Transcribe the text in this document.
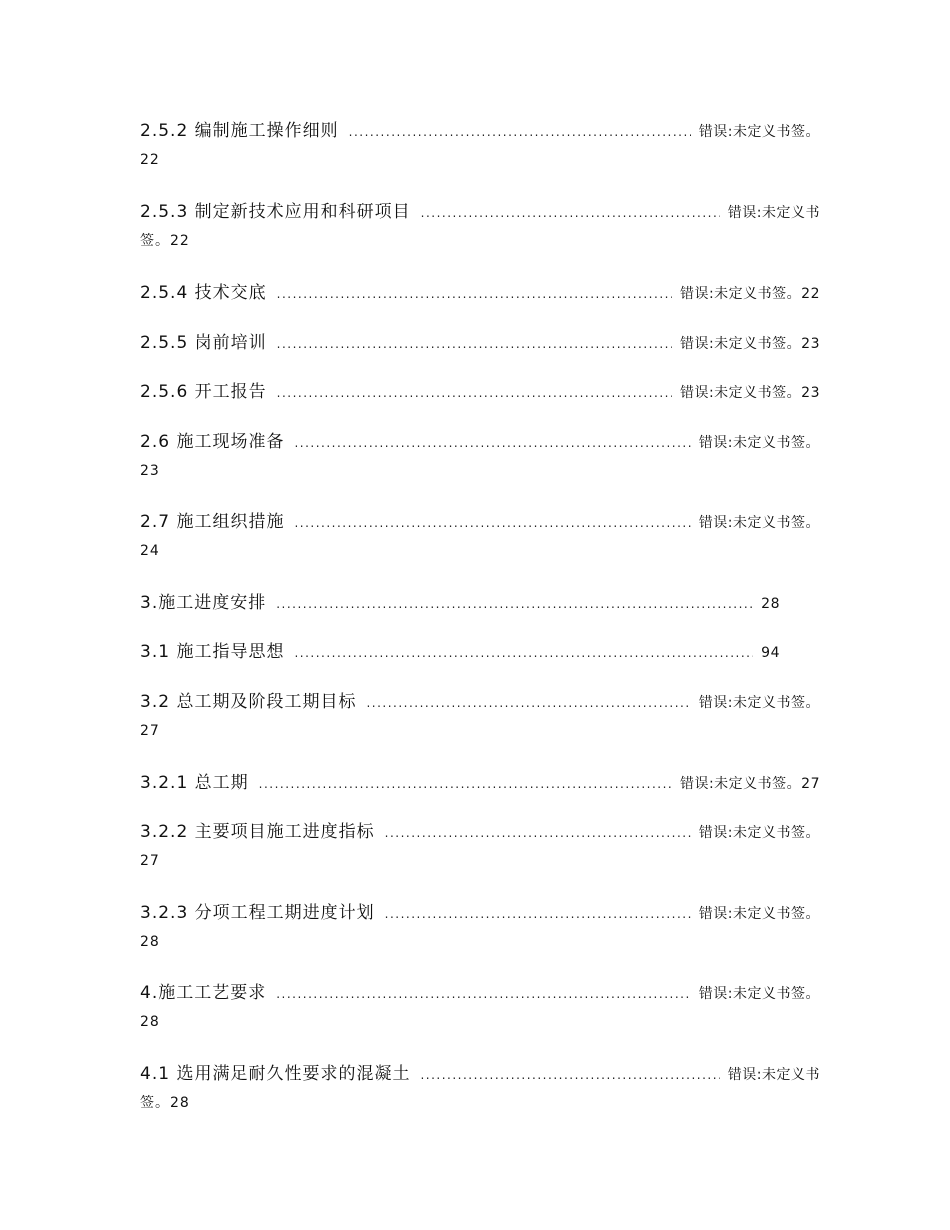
2.5.2 编制施工操作细则 .....	错误:未定义书签。
22
2.5.3 制定新技术应用和科研项目 .....	错误:未定义书
签。22
2.5.4 技术交底 .....	错误:未定义书签。22
2.5.5 岗前培训 .....	错误:未定义书签。23
2.5.6 开工报告 .....	错误:未定义书签。23
2.6 施工现场准备 .....	错误:未定义书签。
23
2.7 施工组织措施 .....	错误:未定义书签。
24
3.施工进度安排 .....	28
3.1 施工指导思想 .....	94
3.2 总工期及阶段工期目标 .....	错误:未定义书签。
27
3.2.1 总工期 .....	错误:未定义书签。27
3.2.2 主要项目施工进度指标 .....	错误:未定义书签。
27
3.2.3 分项工程工期进度计划 .....	错误:未定义书签。
28
4.施工工艺要求 .....	错误:未定义书签。
28
4.1 选用满足耐久性要求的混凝土 .....	错误:未定义书
签。28
